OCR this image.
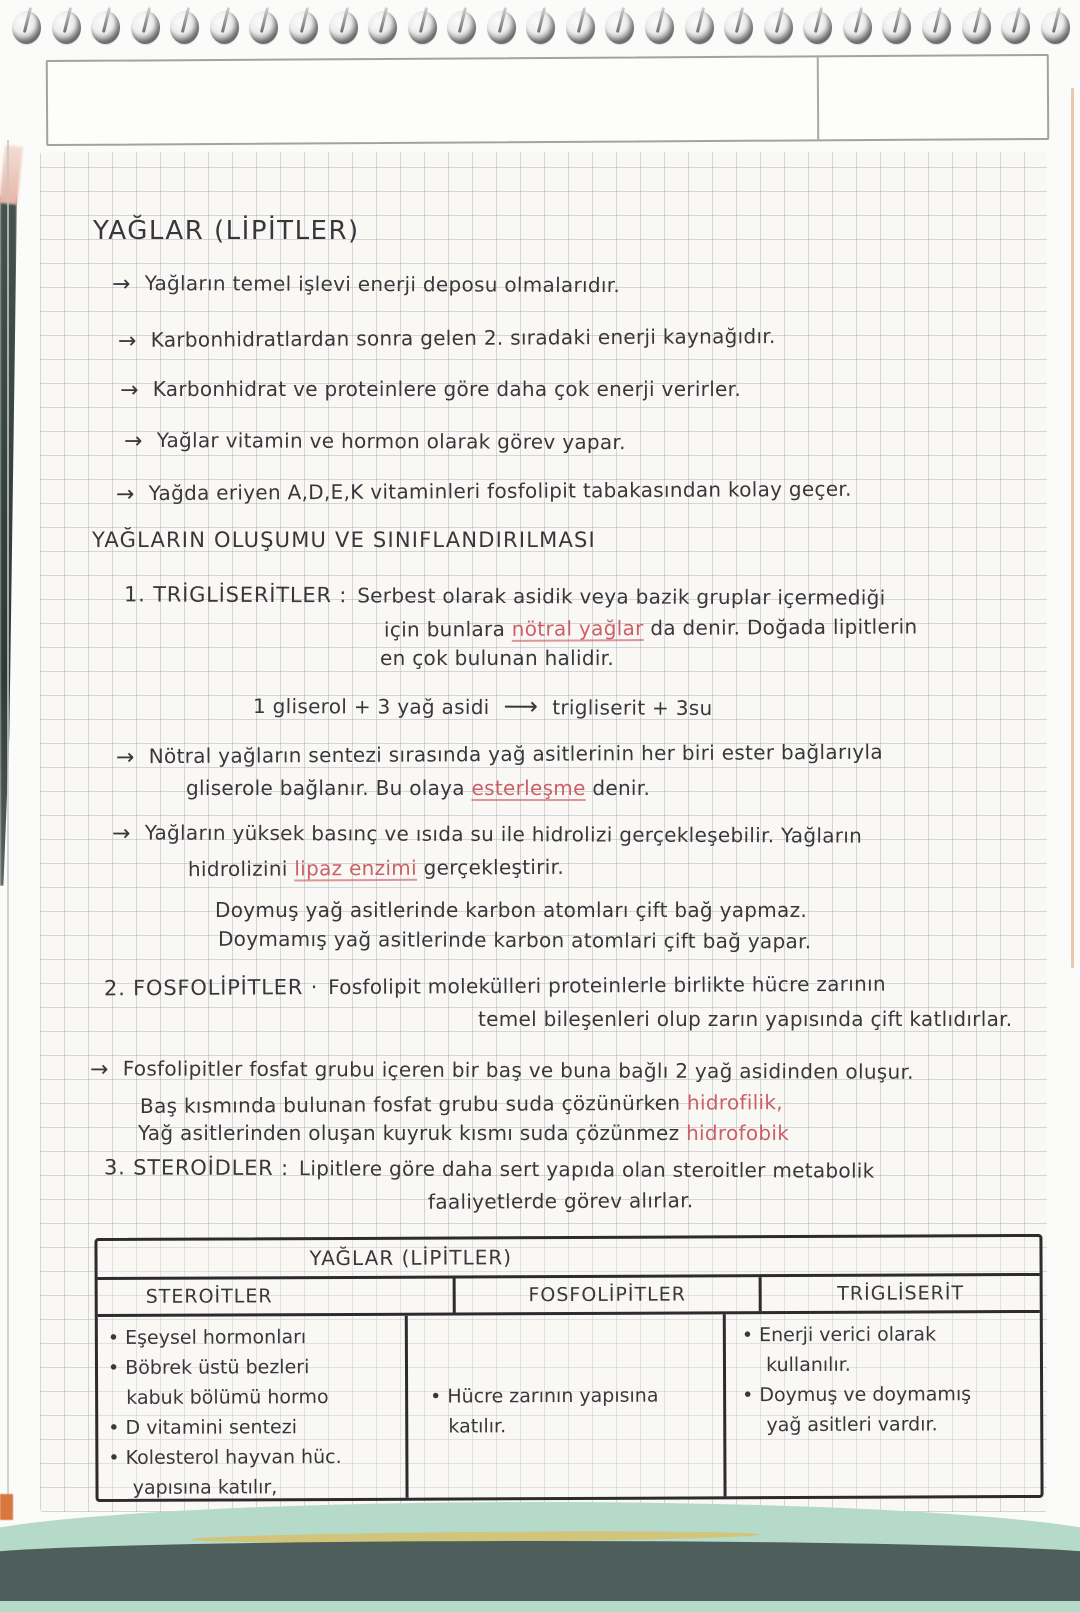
YAĞLAR (LİPİTLER)
→ Yağların temel işlevi enerji deposu olmalarıdır.
→ Karbonhidratlardan sonra gelen 2. sıradaki enerji kaynağıdır.
→ Karbonhidrat ve proteinlere göre daha çok enerji verirler.
→ Yağlar vitamin ve hormon olarak görev yapar.
→ Yağda eriyen A,D,E,K vitaminleri fosfolipit tabakasından kolay geçer.
YAĞLARIN OLUŞUMU VE SINIFLANDIRILMASI
1. TRİGLİSERİTLER : Serbest olarak asidik veya bazik gruplar içermediği
için bunlara nötral yağlar da denir. Doğada lipitlerin
en çok bulunan halidir.
1 gliserol + 3 yağ asidi ⟶ trigliserit + 3su
→ Nötral yağların sentezi sırasında yağ asitlerinin her biri ester bağlarıyla
gliserole bağlanır. Bu olaya esterleşme denir.
→ Yağların yüksek basınç ve ısıda su ile hidrolizi gerçekleşebilir. Yağların
hidrolizini lipaz enzimi gerçekleştirir.
Doymuş yağ asitlerinde karbon atomları çift bağ yapmaz.
Doymamış yağ asitlerinde karbon atomlari çift bağ yapar.
2. FOSFOLİPİTLER · Fosfolipit molekülleri proteinlerle birlikte hücre zarının
temel bileşenleri olup zarın yapısında çift katlıdırlar.
→ Fosfolipitler fosfat grubu içeren bir baş ve buna bağlı 2 yağ asidinden oluşur.
Baş kısmında bulunan fosfat grubu suda çözünürken hidrofilik,
Yağ asitlerinden oluşan kuyruk kısmı suda çözünmez hidrofobik
3. STEROİDLER : Lipitlere göre daha sert yapıda olan steroitler metabolik
faaliyetlerde görev alırlar.
YAĞLAR (LİPİTLER)
STEROİTLER	FOSFOLİPİTLER	TRİGLİSERİT
• Eşeysel hormonları
• Böbrek üstü bezleri
kabuk bölümü hormo
• D vitamini sentezi
• Kolesterol hayvan hüc.
yapısına katılır,
• Hücre zarının yapısına
katılır.
• Enerji verici olarak
kullanılır.
• Doymuş ve doymamış
yağ asitleri vardır.
